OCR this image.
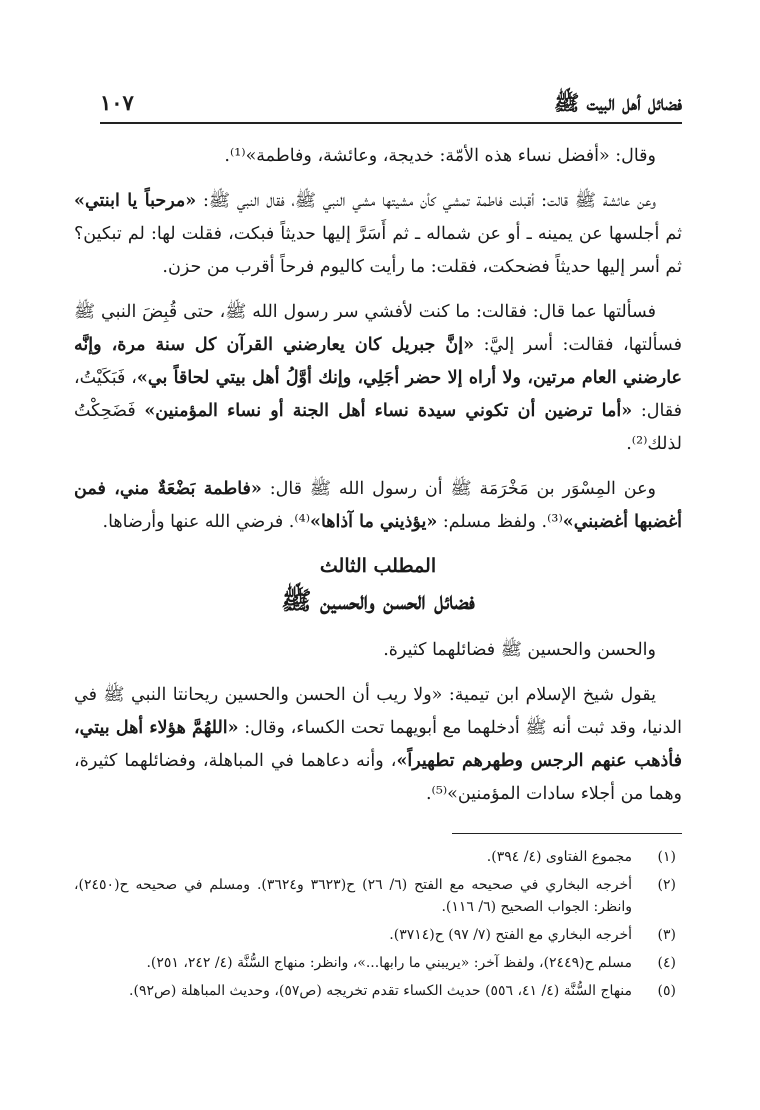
فضائل أهل البيت ﷺ
١٠٧

وقال: «أفضل نساء هذه الأمّة: خديجة، وعائشة، وفاطمة»⁽¹⁾.

وعن عائشة ﷺ قالت: أقبلت فاطمة تمشي كأن مشيتها مشي النبي ﷺ، فقال النبي ﷺ: «مرحباً يا ابنتي» ثم أجلسها عن يمينه ـ أو عن شماله ـ ثم أَسَرَّ إليها حديثاً فبكت، فقلت لها: لم تبكين؟ ثم أسر إليها حديثاً فضحكت، فقلت: ما رأيت كاليوم فرحاً أقرب من حزن.

فسألتها عما قال: فقالت: ما كنت لأفشي سر رسول الله ﷺ، حتى قُبِضَ النبي ﷺ فسألتها، فقالت: أسر إليَّ: «إنَّ جبريل كان يعارضني القرآن كل سنة مرة، وإنَّه عارضني العام مرتين، ولا أراه إلا حضر أجَلِي، وإنك أوَّلُ أهل بيتي لحاقاً بي»، فَبَكَيْتُ، فقال: «أما ترضين أن تكوني سيدة نساء أهل الجنة أو نساء المؤمنين» فَضَحِكْتُ لذلك⁽²⁾.

وعن المِسْوَر بن مَخْرَمَة ﷺ أن رسول الله ﷺ قال: «فاطمة بَضْعَةٌ مني، فمن أغضبها أغضبني»⁽³⁾. ولفظ مسلم: «يؤذيني ما آذاها»⁽⁴⁾. فرضي الله عنها وأرضاها.

المطلب الثالث
فضائل الحسن والحسين ﷺ

والحسن والحسين ﷺ فضائلهما كثيرة.

يقول شيخ الإسلام ابن تيمية: «ولا ريب أن الحسن والحسين ريحانتا النبي ﷺ في الدنيا، وقد ثبت أنه ﷺ أدخلهما مع أبويهما تحت الكساء، وقال: «اللهُمَّ هؤلاء أهل بيتي، فأذهب عنهم الرجس وطهرهم تطهيراً»، وأنه دعاهما في المباهلة، وفضائلهما كثيرة، وهما من أجلاء سادات المؤمنين»⁽⁵⁾.

(١)
مجموع الفتاوى (٤/ ٣٩٤).
(٢)
أخرجه البخاري في صحيحه مع الفتح (٦/ ٢٦) ح(٣٦٢٣ و٣٦٢٤). ومسلم في صحيحه ح(٢٤٥٠)، وانظر: الجواب الصحيح (٦/ ١١٦).
(٣)
أخرجه البخاري مع الفتح (٧/ ٩٧) ح(٣٧١٤).
(٤)
مسلم ح(٢٤٤٩)، ولفظ آخر: «يريبني ما رابها...»، وانظر: منهاج السُّنَّة (٤/ ٢٤٢، ٢٥١).
(٥)
منهاج السُّنَّة (٤/ ٤١، ٥٥٦) حديث الكساء تقدم تخريجه (ص٥٧)، وحديث المباهلة (ص٩٢).
